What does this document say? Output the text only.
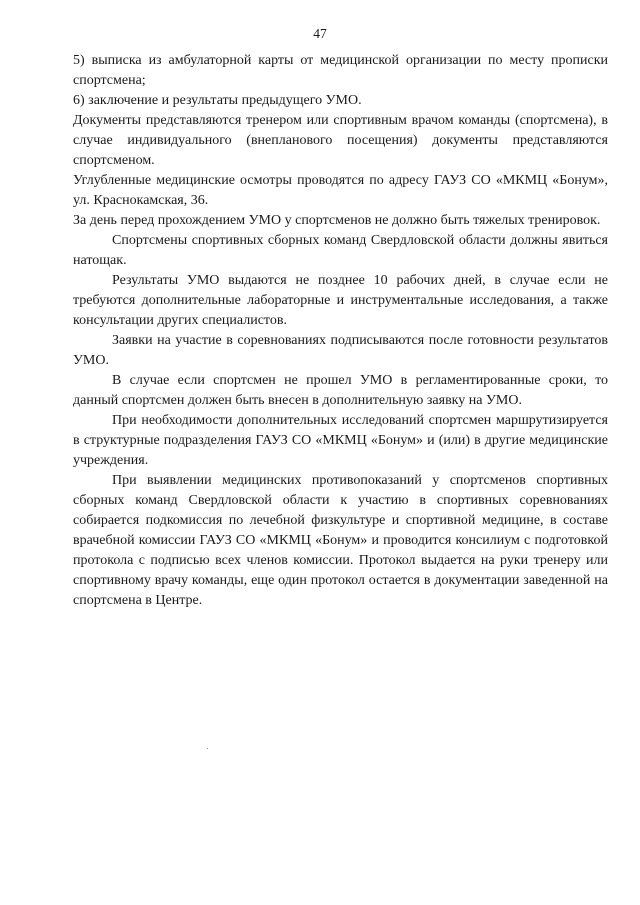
47

5) выписка из амбулаторной карты от медицинской организации по месту прописки спортсмена;

6) заключение и результаты предыдущего УМО.

Документы представляются тренером или спортивным врачом команды (спортсмена), в случае индивидуального (внепланового посещения) документы представляются спортсменом.

Углубленные медицинские осмотры проводятся по адресу ГАУЗ СО «МКМЦ «Бонум», ул. Краснокамская, 36.

За день перед прохождением УМО у спортсменов не должно быть тяжелых тренировок.

Спортсмены спортивных сборных команд Свердловской области должны явиться натощак.

Результаты УМО выдаются не позднее 10 рабочих дней, в случае если не требуются дополнительные лабораторные и инструментальные исследования, а также консультации других специалистов.

Заявки на участие в соревнованиях подписываются после готовности результатов УМО.

В случае если спортсмен не прошел УМО в регламентированные сроки, то данный спортсмен должен быть внесен в дополнительную заявку на УМО.

При необходимости дополнительных исследований спортсмен маршрутизируется в структурные подразделения ГАУЗ СО «МКМЦ «Бонум» и (или) в другие медицинские учреждения.

При выявлении медицинских противопоказаний у спортсменов спортивных сборных команд Свердловской области к участию в спортивных соревнованиях собирается подкомиссия по лечебной физкультуре и спортивной медицине, в составе врачебной комиссии ГАУЗ СО «МКМЦ «Бонум» и проводится консилиум с подготовкой протокола с подписью всех членов комиссии. Протокол выдается на руки тренеру или спортивному врачу команды, еще один протокол остается в документации заведенной на спортсмена в Центре.
